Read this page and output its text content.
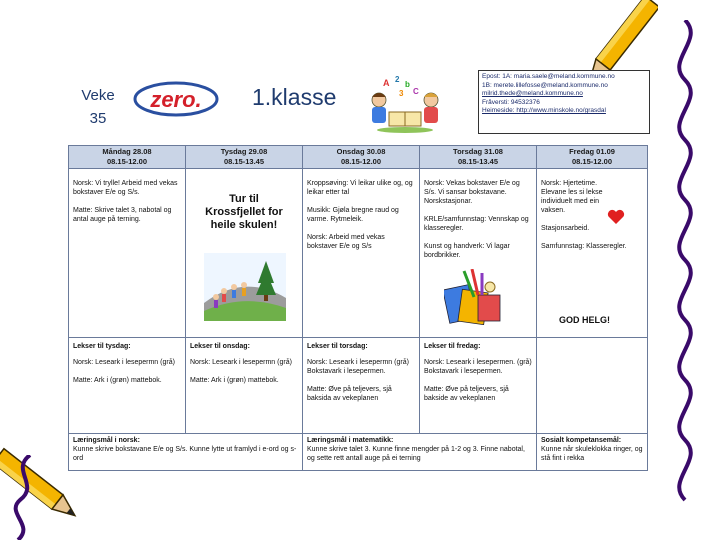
Veke
35
zero. 1.klasse
A 2
b
3 C
Epost: 1A: maria.saele@meland.kommune.no
1B: merete.lillefosse@meland.kommune.no
milrid.thede@meland.kommune.no
Fråversti: 94532376
Heimeside: http://www.minskole.no/grasdal
Måndag 28.08
08.15-12.00
Tysdag 29.08
08.15-13.45
Onsdag 30.08
08.15-12.00
Torsdag 31.08
08.15-13.45
Fredag 01.09
08.15-12.00

Norsk: Vi trylle! Arbeid med vekas bokstaver E/e og S/s.

Matte: Skrive talet 3, nabotal og antal auge på terning.

Tur til Krossfjellet for heile skulen!

Kroppsøving: Vi leikar ulike og, og leikar etter tal

Musikk: Gjøla bregne raud og varme. Rytmeleik.

Norsk: Arbeid med vekas bokstaver E/e og S/s

Norsk: Vekas bokstaver E/e og S/s. Vi sansar bokstavane. Norskstasjonar.

KRLE/samfunnstag: Vennskap og klasseregler.

Kunst og handverk: Vi lagar bordbrikker.

Norsk: Hjertetime. Elevane les si lekse individuelt med ein vaksen.

Stasjonsarbeid.

Samfunnstag: Klasseregler.

GOD HELG!

Lekser til tysdag:

Norsk: Leseark i lesepermn (grå)

Matte: Ark i (grøn) mattebok.

Lekser til onsdag:

Norsk: Leseark i lesepermn (grå)

Matte: Ark i (grøn) mattebok.

Lekser til torsdag:

Norsk: Leseark i lesepermn (grå) Bokstavark i lesepermen.

Matte: Øve på teljevers, sjå baksida av vekeplanen

Lekser til fredag:

Norsk: Leseark i lesepermen. (grå) Bokstavark i lesepermen.

Matte: Øve på teljevers, sjå bakside av vekeplanen

Læringsmål i norsk:
Kunne skrive bokstavane E/e og S/s. Kunne lytte ut framlyd i e-ord og s-ord
Læringsmål i matematikk:
Kunne skrive talet 3. Kunne finne mengder på 1-2 og 3. Finne nabotal, og sette rett antall auge på ei terning
Sosialt kompetansemål:
Kunne når skuleklokka ringer, og stå fint i rekka
